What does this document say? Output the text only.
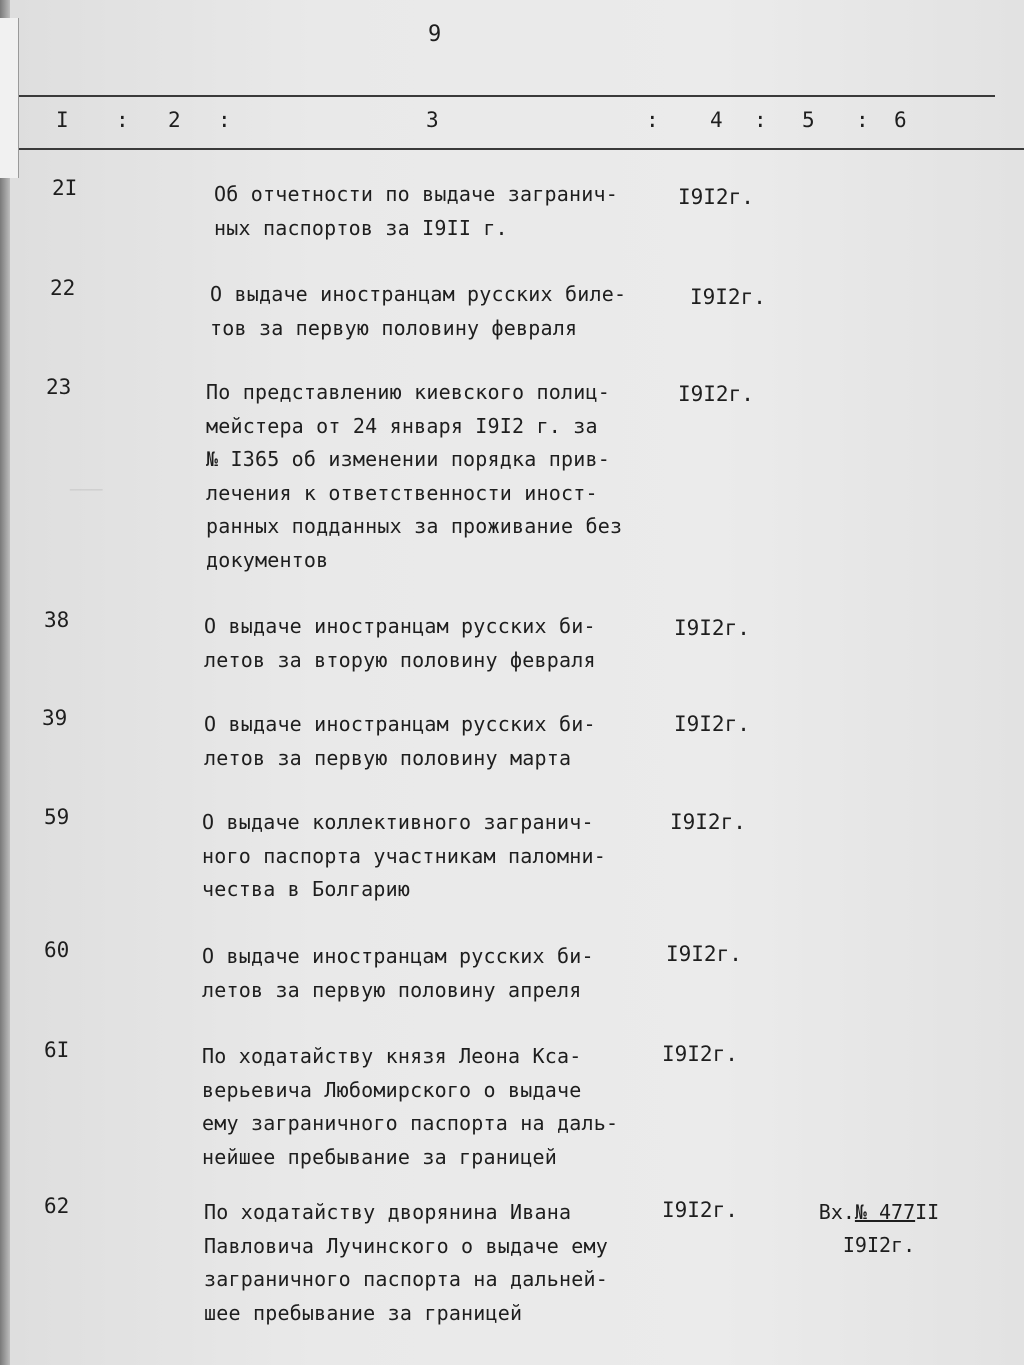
───
9
I : 2 :	3	: 4 : 5 : 6
2I	Об отчетности по выдаче загранич-
ных паспортов за I9II г.
I9I2г.
22	О выдаче иностранцам русских биле-
тов за первую половину февраля
I9I2г.
23	По представлению киевского полиц-
мейстера от 24 января I9I2 г. за
№ I365 об изменении порядка прив-
лечения к ответственности иност-
ранных подданных за проживание без
документов
I9I2г.
38	О выдаче иностранцам русских би-
летов за вторую половину февраля
I9I2г.
39	О выдаче иностранцам русских би-
летов за первую половину марта
I9I2г.
59	О выдаче коллективного загранич-
ного паспорта участникам паломни-
чества в Болгарию
I9I2г.
60	О выдаче иностранцам русских би-
летов за первую половину апреля
I9I2г.
6I	По ходатайству князя Леона Кса-
верьевича Любомирского о выдаче
ему заграничного паспорта на даль-
нейшее пребывание за границей
I9I2г.
62	По ходатайству дворянина Ивана
Павловича Лучинского о выдаче ему
заграничного паспорта на дальней-
шее пребывание за границей
I9I2г.	Вх.№ 477II
I9I2г.
